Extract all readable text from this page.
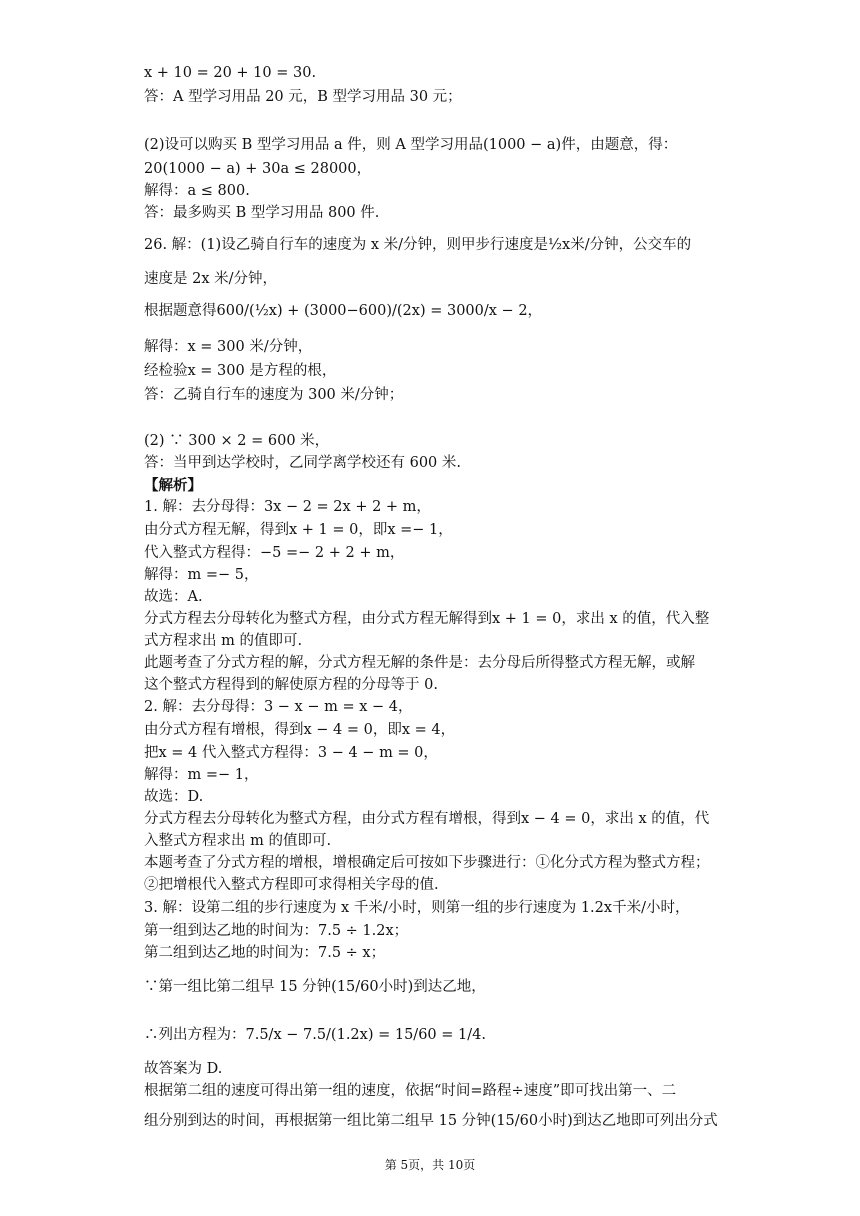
x + 10 = 20 + 10 = 30.
答：A 型学习用品 20 元，B 型学习用品 30 元；
(2)设可以购买 B 型学习用品 a 件，则 A 型学习用品(1000 − a)件，由题意，得：
20(1000 − a) + 30a ≤ 28000，
解得：a ≤ 800.
答：最多购买 B 型学习用品 800 件.
26. 解：(1)设乙骑自行车的速度为 x 米/分钟，则甲步行速度是½x米/分钟，公交车的
速度是 2x 米/分钟，
根据题意得600/(½x) + (3000−600)/(2x) = 3000/x − 2，
解得：x = 300 米/分钟，
经检验x = 300 是方程的根，
答：乙骑自行车的速度为 300 米/分钟；
(2) ∵ 300 × 2 = 600 米，
答：当甲到达学校时，乙同学离学校还有 600 米.
【解析】
1. 解：去分母得：3x − 2 = 2x + 2 + m，
由分式方程无解，得到x + 1 = 0，即x =− 1，
代入整式方程得：−5 =− 2 + 2 + m，
解得：m =− 5，
故选：A.
分式方程去分母转化为整式方程，由分式方程无解得到x + 1 = 0，求出 x 的值，代入整
式方程求出 m 的值即可.
此题考查了分式方程的解，分式方程无解的条件是：去分母后所得整式方程无解，或解
这个整式方程得到的解使原方程的分母等于 0.
2. 解：去分母得：3 − x − m = x − 4，
由分式方程有增根，得到x − 4 = 0，即x = 4，
把x = 4 代入整式方程得：3 − 4 − m = 0，
解得：m =− 1，
故选：D.
分式方程去分母转化为整式方程，由分式方程有增根，得到x − 4 = 0，求出 x 的值，代
入整式方程求出 m 的值即可.
本题考查了分式方程的增根，增根确定后可按如下步骤进行：①化分式方程为整式方程；
②把增根代入整式方程即可求得相关字母的值.
3. 解：设第二组的步行速度为 x 千米/小时，则第一组的步行速度为 1.2x千米/小时，
第一组到达乙地的时间为：7.5 ÷ 1.2x；
第二组到达乙地的时间为：7.5 ÷ x；
∵第一组比第二组早 15 分钟(15/60小时)到达乙地，
∴列出方程为：7.5/x − 7.5/(1.2x) = 15/60 = 1/4.
故答案为 D.
根据第二组的速度可得出第一组的速度，依据“时间=路程÷速度”即可找出第一、二
组分别到达的时间，再根据第一组比第二组早 15 分钟(15/60小时)到达乙地即可列出分式
第 5页，共 10页
